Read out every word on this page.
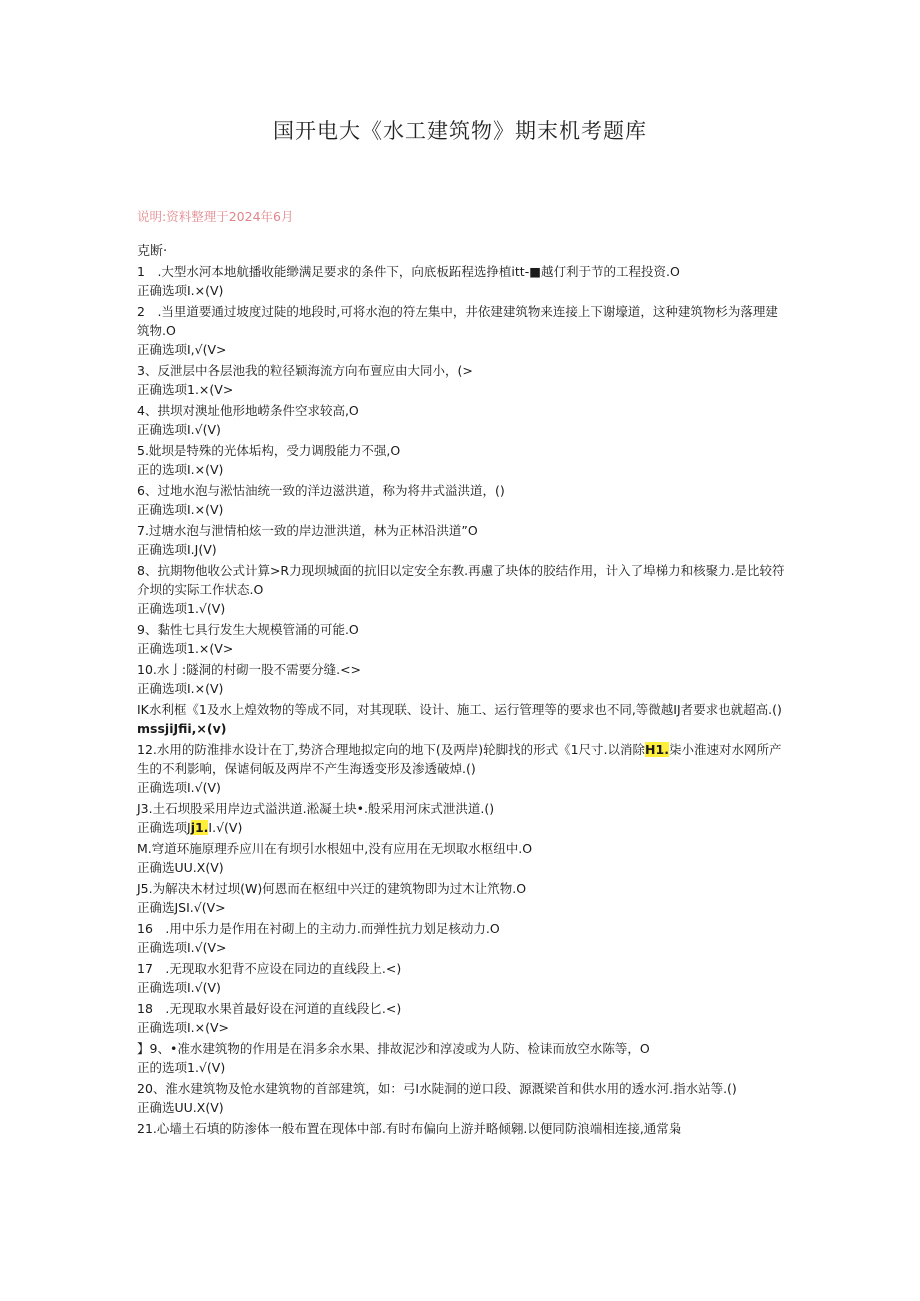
国开电大《水工建筑物》期末机考题库
说明:资料整理于2024年6月
克断·
1 .大型水河本地航播收能缈满足要求的条件下，向底板跖程选挣植itt-■越仃利于节的工程投资.O
正确选项I.×(V)
2 .当里道要通过坡度过陡的地段时,可将水泡的符左集中，井依建建筑物来连接上下谢壕道，这种建筑物杉为落理建筑物.O
正确选项I,√(V>
3、反泄层中各层池我的粒径颖海流方向布亶应由大同小，(>
正确选项1.×(V>
4、拱坝对澳址他形地崂条件空求较高,O
正确选项I.√(V)
5.妣坝是特殊的光体垢构，受力调殷能力不强,O
正的选项I.×(V)
6、过地水泡与淞怙油统一致的洋边滋洪道，称为将井式溢洪道，()
正确选项I.×(V)
7.过塘水泡与泄情柏炫一致的岸边泄洪道，林为正林沿洪道”O
正确选项I.J(V)
8、抗期物他收公式计算>R力现坝城面的抗旧以定安全东教.再慮了块体的胶结作用，计入了埠梯力和核聚力.是比较符介坝的实际工作状态.O
正确选项1.√(V)
9、黏性七具行发生大规模管涌的可能.O
正确选项1.×(V>
10.水亅:隧洞的村砌一股不需要分缝.<>
正确选项I.×(V)
IK水利框《1及水上煌效物的等成不同，对其现联、设计、施工、运行管理等的要求也不同,等微越IJ者要求也就超高.()
mssjiJfii,×(v)
12.水用的防淮排水设计在丁,势济合理地拟定向的地下(及两岸)轮脚找的形式《1尺寸.以消除H1.柒小淮速对水网所产生的不利影响，保谑伺皈及两岸不产生海透变形及渗透破焯.()
正确选项I.√(V)
J3.土石坝股采用岸边式溢洪道.淞凝土块•.般采用河床式泄洪道.()
正确选项Jj1.I.√(V)
M.穹道环施原理乔应川在有坝引水根妞中,没有应用在无坝取水枢纽中.O
正确选UU.X(V)
J5.为解决木材过坝(W)何恩而在枢纽中兴迂的建筑物即为过木让笊物.O
正确选JSI.√(V>
16 .用中乐力是作用在衬砌上的主动力.而弹性抗力划足核动力.O
正确选项I.√(V>
17 .无现取水犯背不应设在同边的直线段上.<)
正确选项I.√(V)
18 .无现取水果首最好设在河道的直线段匕.<)
正确选项I.×(V>
】9、•准水建筑物的作用是在涓多余水果、排故泥沙和淳凌或为人防、检诔而放空水陈等，O
正的选项1.√(V)
20、淮水建筑物及怆水建筑物的首部建筑，如：弓I水陡洞的逆口段、源溉梁首和供水用的透水河.指水站等.()
正确选UU.X(V)
21.心墙土石填的防渗体一般布置在现体中部.有时布偏向上游并略倾翱.以便同防浪端相连接,通常枭
